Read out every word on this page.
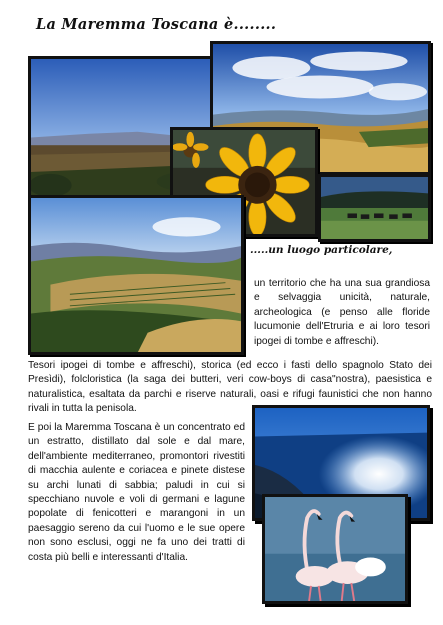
La Maremma Toscana è........
.....un luogo particolare,

un territorio che ha una sua grandiosa e selvaggia unicità, naturale, archeologica (e penso alle floride lucumonie dell'Etruria e ai loro tesori ipogei di tombe e affreschi).

Tesori ipogei di tombe e affreschi), storica (ed ecco i fasti dello spagnolo Stato dei Presìdi), folcloristica (la saga dei butteri, veri cow-boys di casa"nostra), paesistica e naturalistica, esaltata da parchi e riserve naturali, oasi e rifugi faunistici che non hanno rivali in tutta la penisola.

E poi la Maremma Toscana è un concentrato ed un estratto, distillato dal sole e dal mare, dell'ambiente mediterraneo, promontori rivestiti di macchia aulente e coriacea e pinete distese su archi lunati di sabbia; paludi in cui si specchiano nuvole e voli di germani e lagune popolate di fenicotteri e marangoni in un paesaggio sereno da cui l'uomo e le sue opere non sono esclusi, oggi ne fa uno dei tratti di costa più belli e interessanti d'Italia.
